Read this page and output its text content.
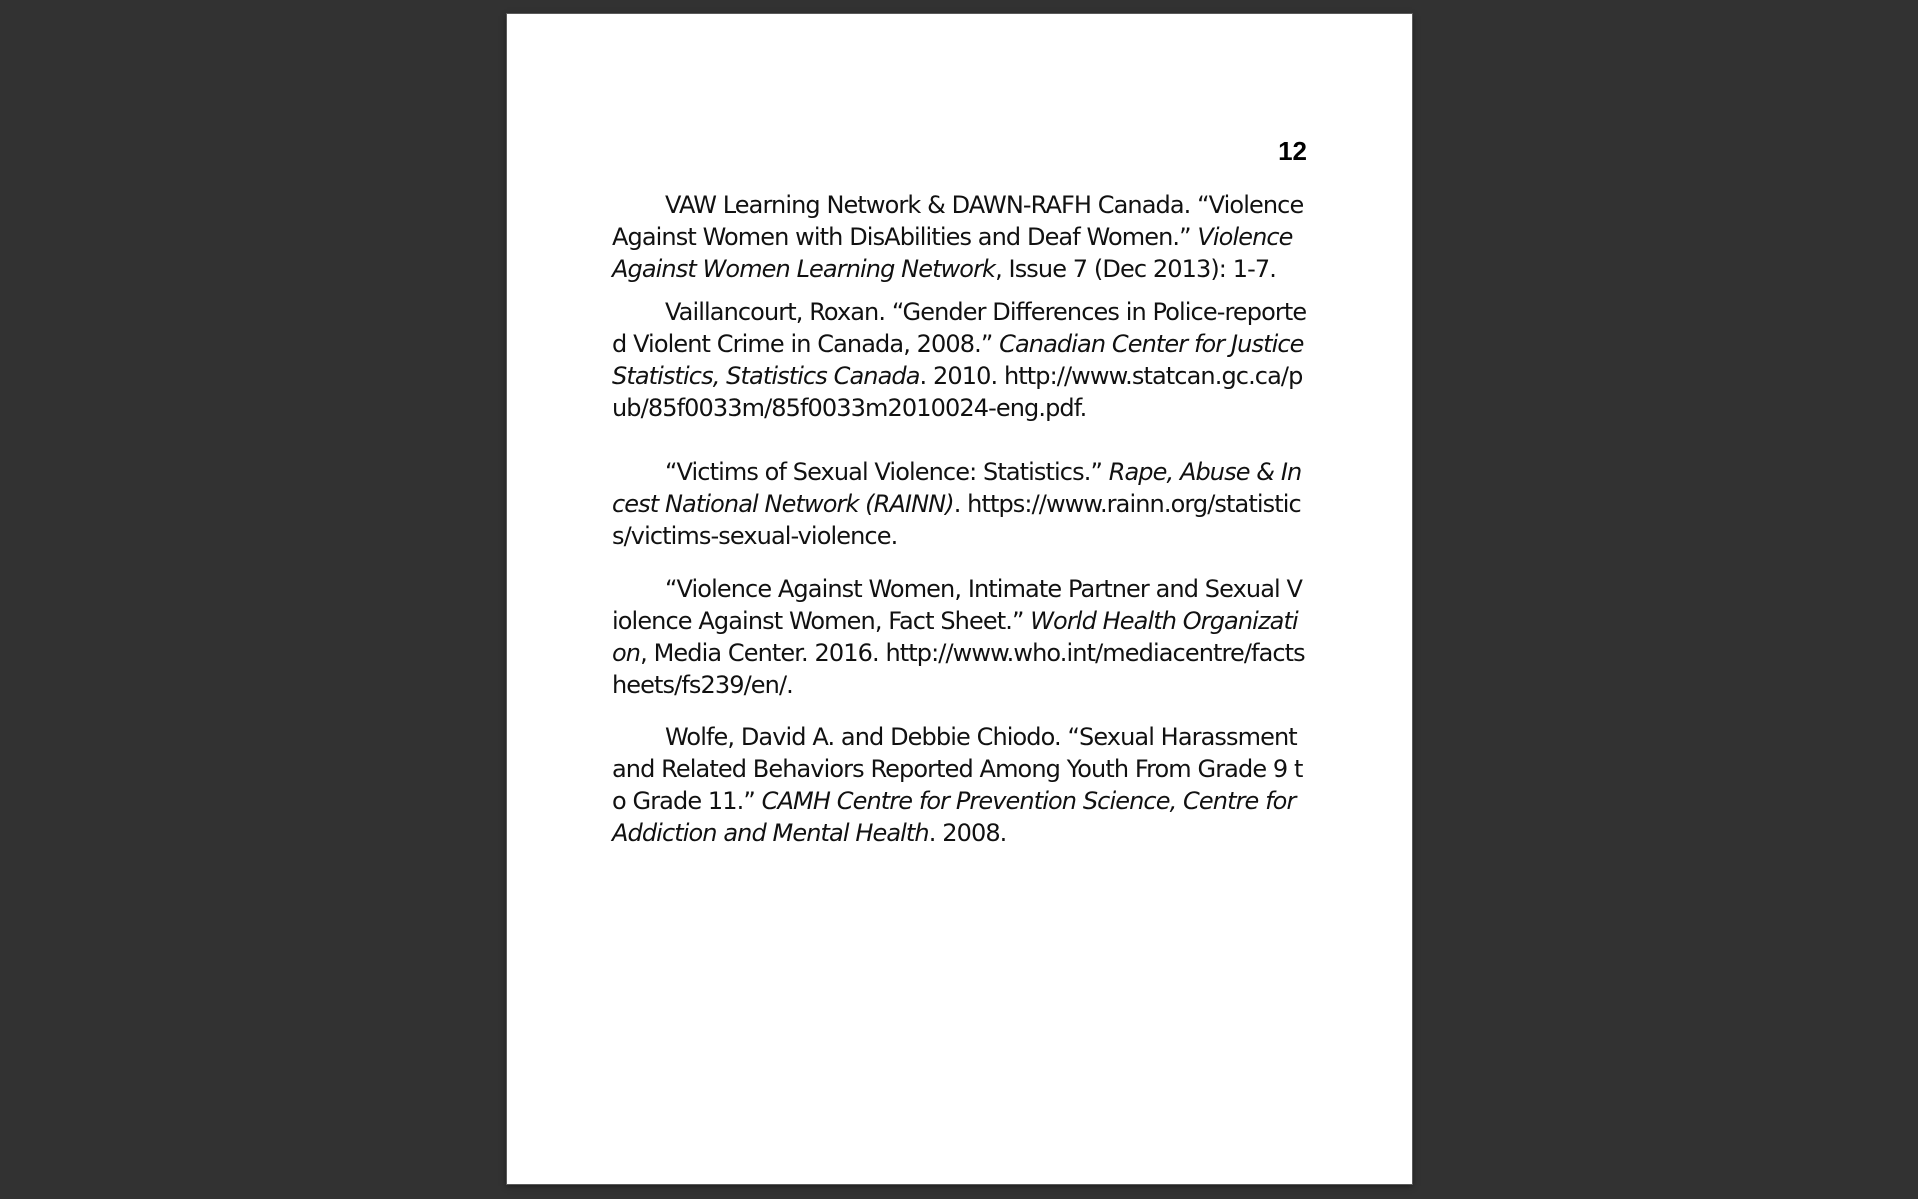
12

VAW Learning Network & DAWN-RAFH Canada. “Violence Against Women with DisAbilities and Deaf Women.” Violence Against Women Learning Network, Issue 7 (Dec 2013): 1-7.

Vaillancourt, Roxan. “Gender Differences in Police-reported Violent Crime in Canada, 2008.” Canadian Center for Justice Statistics, Statistics Canada. 2010. http://www.statcan.gc.ca/pub/85f0033m/85f0033m2010024-eng.pdf.

“Victims of Sexual Violence: Statistics.” Rape, Abuse & Incest National Network (RAINN). https://www.rainn.org/statistics/victims-sexual-violence.

“Violence Against Women, Intimate Partner and Sexual Violence Against Women, Fact Sheet.” World Health Organization, Media Center. 2016. http://www.who.int/mediacentre/factsheets/fs239/en/.

Wolfe, David A. and Debbie Chiodo. “Sexual Harassment and Related Behaviors Reported Among Youth From Grade 9 to Grade 11.” CAMH Centre for Prevention Science, Centre for Addiction and Mental Health. 2008.
